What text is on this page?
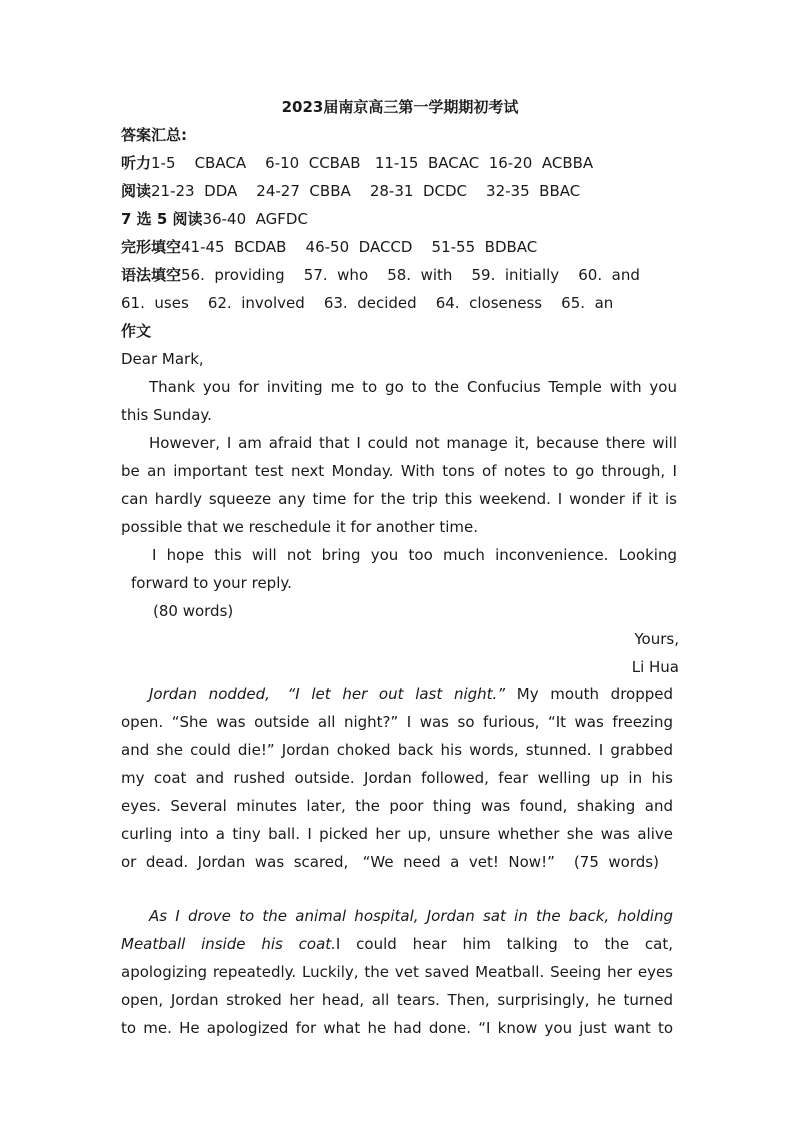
2023届南京高三第一学期期初考试
答案汇总:
听力1-5    CBACA    6-10  CCBAB   11-15  BACAC  16-20  ACBBA
阅读21-23  DDA    24-27  CBBA    28-31  DCDC    32-35  BBAC
7 选 5 阅读36-40  AGFDC
完形填空41-45  BCDAB    46-50  DACCD    51-55  BDBAC
语法填空56.  providing    57.  who    58.  with    59.  initially    60.  and
61.  uses    62.  involved    63.  decided    64.  closeness    65.  an
作文
Dear Mark,
Thank you for inviting me to go to the Confucius Temple with you
this Sunday.
However, I am afraid that I could not manage it, because there will
be an important test next Monday. With tons of notes to go through, I
can hardly squeeze any time for the trip this weekend. I wonder if it is
possible that we reschedule it for another time.
I hope this will not bring you too much inconvenience. Looking
forward to your reply.
(80 words)
Yours,
Li Hua
Jordan  nodded,   “I  let  her  out  last  night.”  My  mouth  dropped
open. “She was outside all night?” I was so furious, “It was freezing
and she could die!” Jordan choked back his words, stunned. I grabbed
my coat and rushed outside. Jordan followed, fear welling up in his
eyes. Several minutes later, the poor thing was found, shaking and
curling into a tiny ball. I picked her up, unsure whether she was alive
or  dead.  Jordan  was  scared,   “We  need  a  vet!  Now!”    (75  words)
As I drove to the animal hospital, Jordan sat in the back, holding
Meatball   inside   his   coat.I   could   hear   him   talking   to   the   cat,
apologizing repeatedly. Luckily, the vet saved Meatball. Seeing her eyes
open, Jordan stroked her head, all tears. Then, surprisingly, he turned
to me. He apologized for what he had done. “I know you just want to
